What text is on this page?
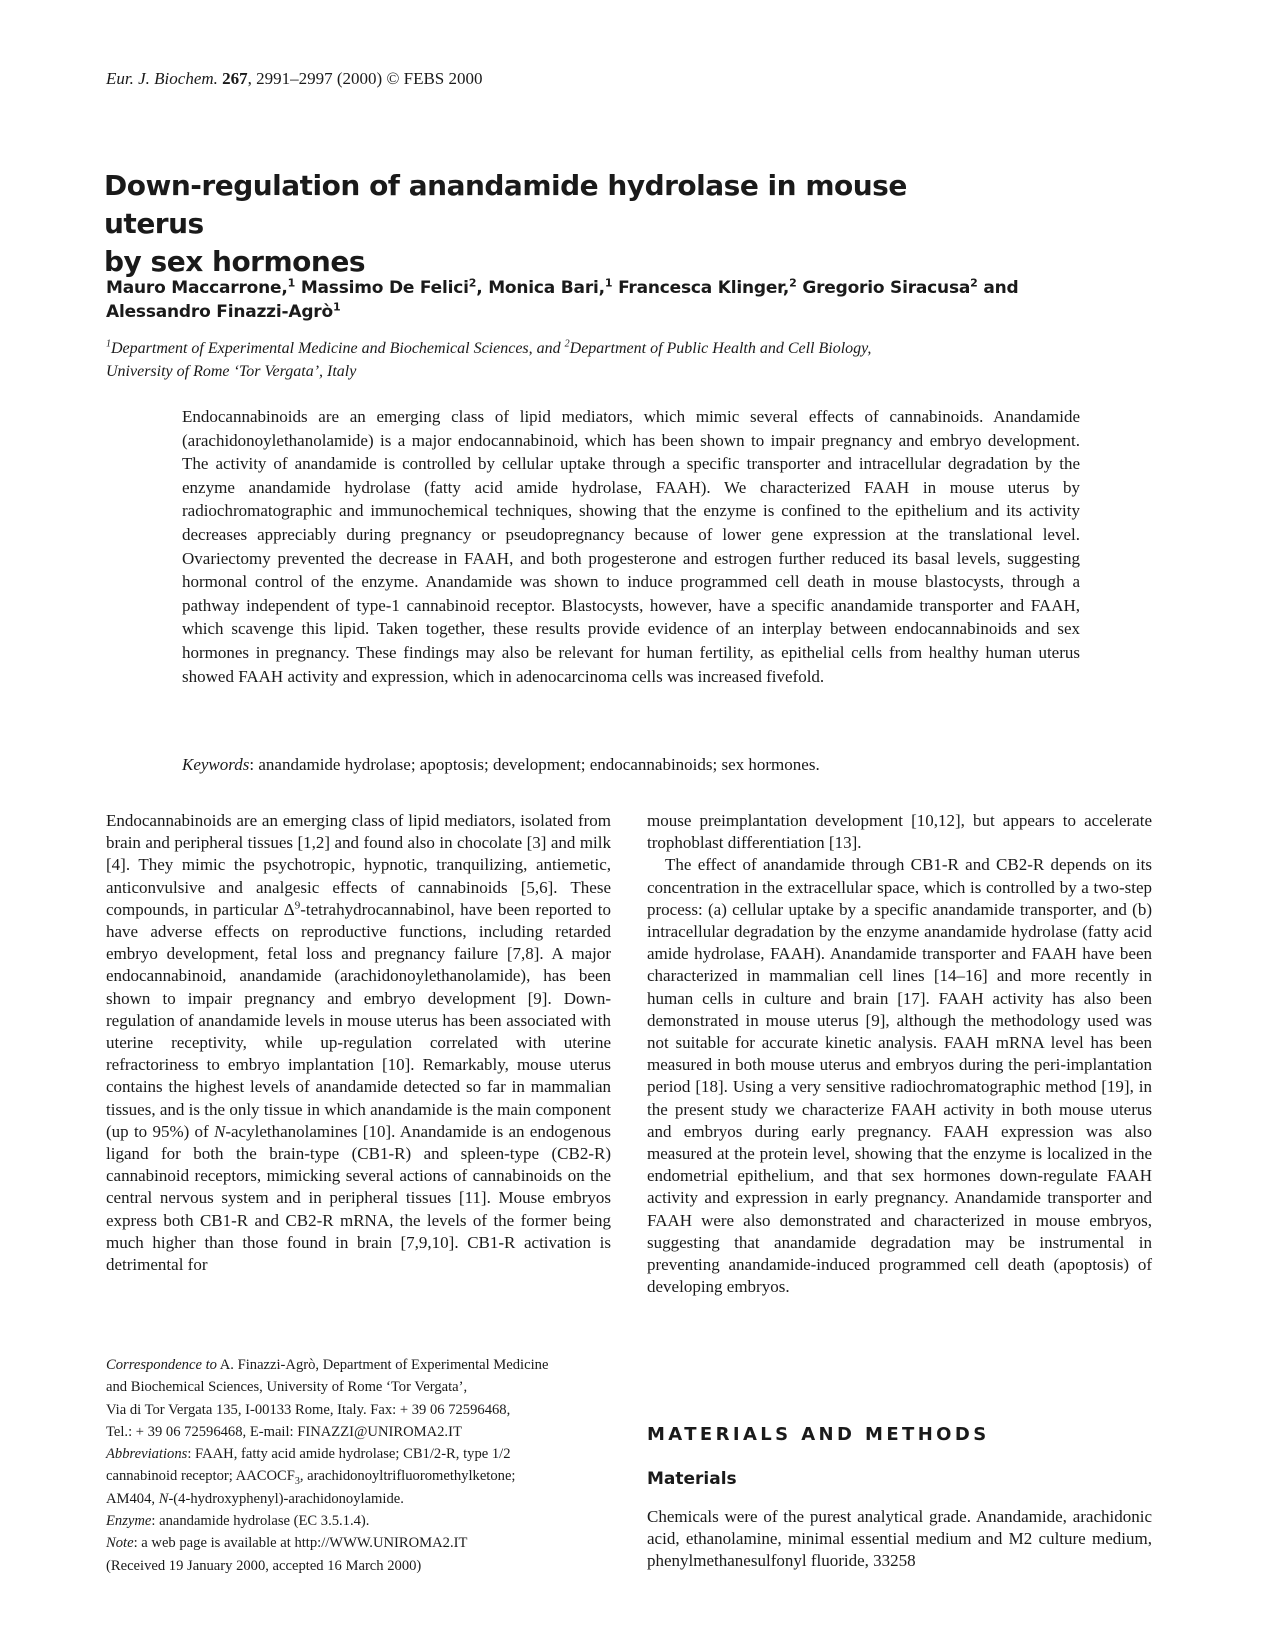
Eur. J. Biochem. 267, 2991–2997 (2000) © FEBS 2000
Down-regulation of anandamide hydrolase in mouse uterus
by sex hormones
Mauro Maccarrone,$^1$ Massimo De Felici$^2$, Monica Bari,$^1$ Francesca Klinger,$^2$ Gregorio Siracusa$^2$ and
Alessandro Finazzi-Agrò$^1$
$^1$Department of Experimental Medicine and Biochemical Sciences, and $^2$Department of Public Health and Cell Biology,
University of Rome ‘Tor Vergata’, Italy

Endocannabinoids are an emerging class of lipid mediators, which mimic several effects of cannabinoids. Anandamide (arachidonoylethanolamide) is a major endocannabinoid, which has been shown to impair pregnancy and embryo development. The activity of anandamide is controlled by cellular uptake through a specific transporter and intracellular degradation by the enzyme anandamide hydrolase (fatty acid amide hydrolase, FAAH). We characterized FAAH in mouse uterus by radiochromatographic and immunochemical techniques, showing that the enzyme is confined to the epithelium and its activity decreases appreciably during pregnancy or pseudopregnancy because of lower gene expression at the translational level. Ovariectomy prevented the decrease in FAAH, and both progesterone and estrogen further reduced its basal levels, suggesting hormonal control of the enzyme. Anandamide was shown to induce programmed cell death in mouse blastocysts, through a pathway independent of type-1 cannabinoid receptor. Blastocysts, however, have a specific anandamide transporter and FAAH, which scavenge this lipid. Taken together, these results provide evidence of an interplay between endocannabinoids and sex hormones in pregnancy. These findings may also be relevant for human fertility, as epithelial cells from healthy human uterus showed FAAH activity and expression, which in adenocarcinoma cells was increased fivefold.

Keywords: anandamide hydrolase; apoptosis; development; endocannabinoids; sex hormones.

Endocannabinoids are an emerging class of lipid mediators, isolated from brain and peripheral tissues [1,2] and found also in chocolate [3] and milk [4]. They mimic the psychotropic, hypnotic, tranquilizing, antiemetic, anticonvulsive and analgesic effects of cannabinoids [5,6]. These compounds, in particular $\Delta^9$-tetrahydrocannabinol, have been reported to have adverse effects on reproductive functions, including retarded embryo development, fetal loss and pregnancy failure [7,8]. A major endocannabinoid, anandamide (arachidonoylethanolamide), has been shown to impair pregnancy and embryo development [9]. Down-regulation of anandamide levels in mouse uterus has been associated with uterine receptivity, while up-regulation correlated with uterine refractoriness to embryo implantation [10]. Remarkably, mouse uterus contains the highest levels of anandamide detected so far in mammalian tissues, and is the only tissue in which anandamide is the main component (up to 95%) of N-acylethanolamines [10]. Anandamide is an endogenous ligand for both the brain-type (CB1-R) and spleen-type (CB2-R) cannabinoid receptors, mimicking several actions of cannabinoids on the central nervous system and in peripheral tissues [11]. Mouse embryos express both CB1-R and CB2-R mRNA, the levels of the former being much higher than those found in brain [7,9,10]. CB1-R activation is detrimental for

mouse preimplantation development [10,12], but appears to accelerate trophoblast differentiation [13].

The effect of anandamide through CB1-R and CB2-R depends on its concentration in the extracellular space, which is controlled by a two-step process: (a) cellular uptake by a specific anandamide transporter, and (b) intracellular degradation by the enzyme anandamide hydrolase (fatty acid amide hydrolase, FAAH). Anandamide transporter and FAAH have been characterized in mammalian cell lines [14–16] and more recently in human cells in culture and brain [17]. FAAH activity has also been demonstrated in mouse uterus [9], although the methodology used was not suitable for accurate kinetic analysis. FAAH mRNA level has been measured in both mouse uterus and embryos during the peri-implantation period [18]. Using a very sensitive radiochromatographic method [19], in the present study we characterize FAAH activity in both mouse uterus and embryos during early pregnancy. FAAH expression was also measured at the protein level, showing that the enzyme is localized in the endometrial epithelium, and that sex hormones down-regulate FAAH activity and expression in early pregnancy. Anandamide transporter and FAAH were also demonstrated and characterized in mouse embryos, suggesting that anandamide degradation may be instrumental in preventing anandamide-induced programmed cell death (apoptosis) of developing embryos.

Correspondence to A. Finazzi-Agrò, Department of Experimental Medicine
and Biochemical Sciences, University of Rome ‘Tor Vergata’,
Via di Tor Vergata 135, I-00133 Rome, Italy. Fax: + 39 06 72596468,
Tel.: + 39 06 72596468, E-mail: FINAZZI@UNIROMA2.IT
Abbreviations: FAAH, fatty acid amide hydrolase; CB1/2-R, type 1/2
cannabinoid receptor; $AACOCF_3$, arachidonoyltrifluoromethylketone;
AM404, N-(4-hydroxyphenyl)-arachidonoylamide.
Enzyme: anandamide hydrolase (EC 3.5.1.4).
Note: a web page is available at http://WWW.UNIROMA2.IT
(Received 19 January 2000, accepted 16 March 2000)
MATERIALS AND METHODS
Materials

Chemicals were of the purest analytical grade. Anandamide, arachidonic acid, ethanolamine, minimal essential medium and M2 culture medium, phenylmethanesulfonyl fluoride, 33258
